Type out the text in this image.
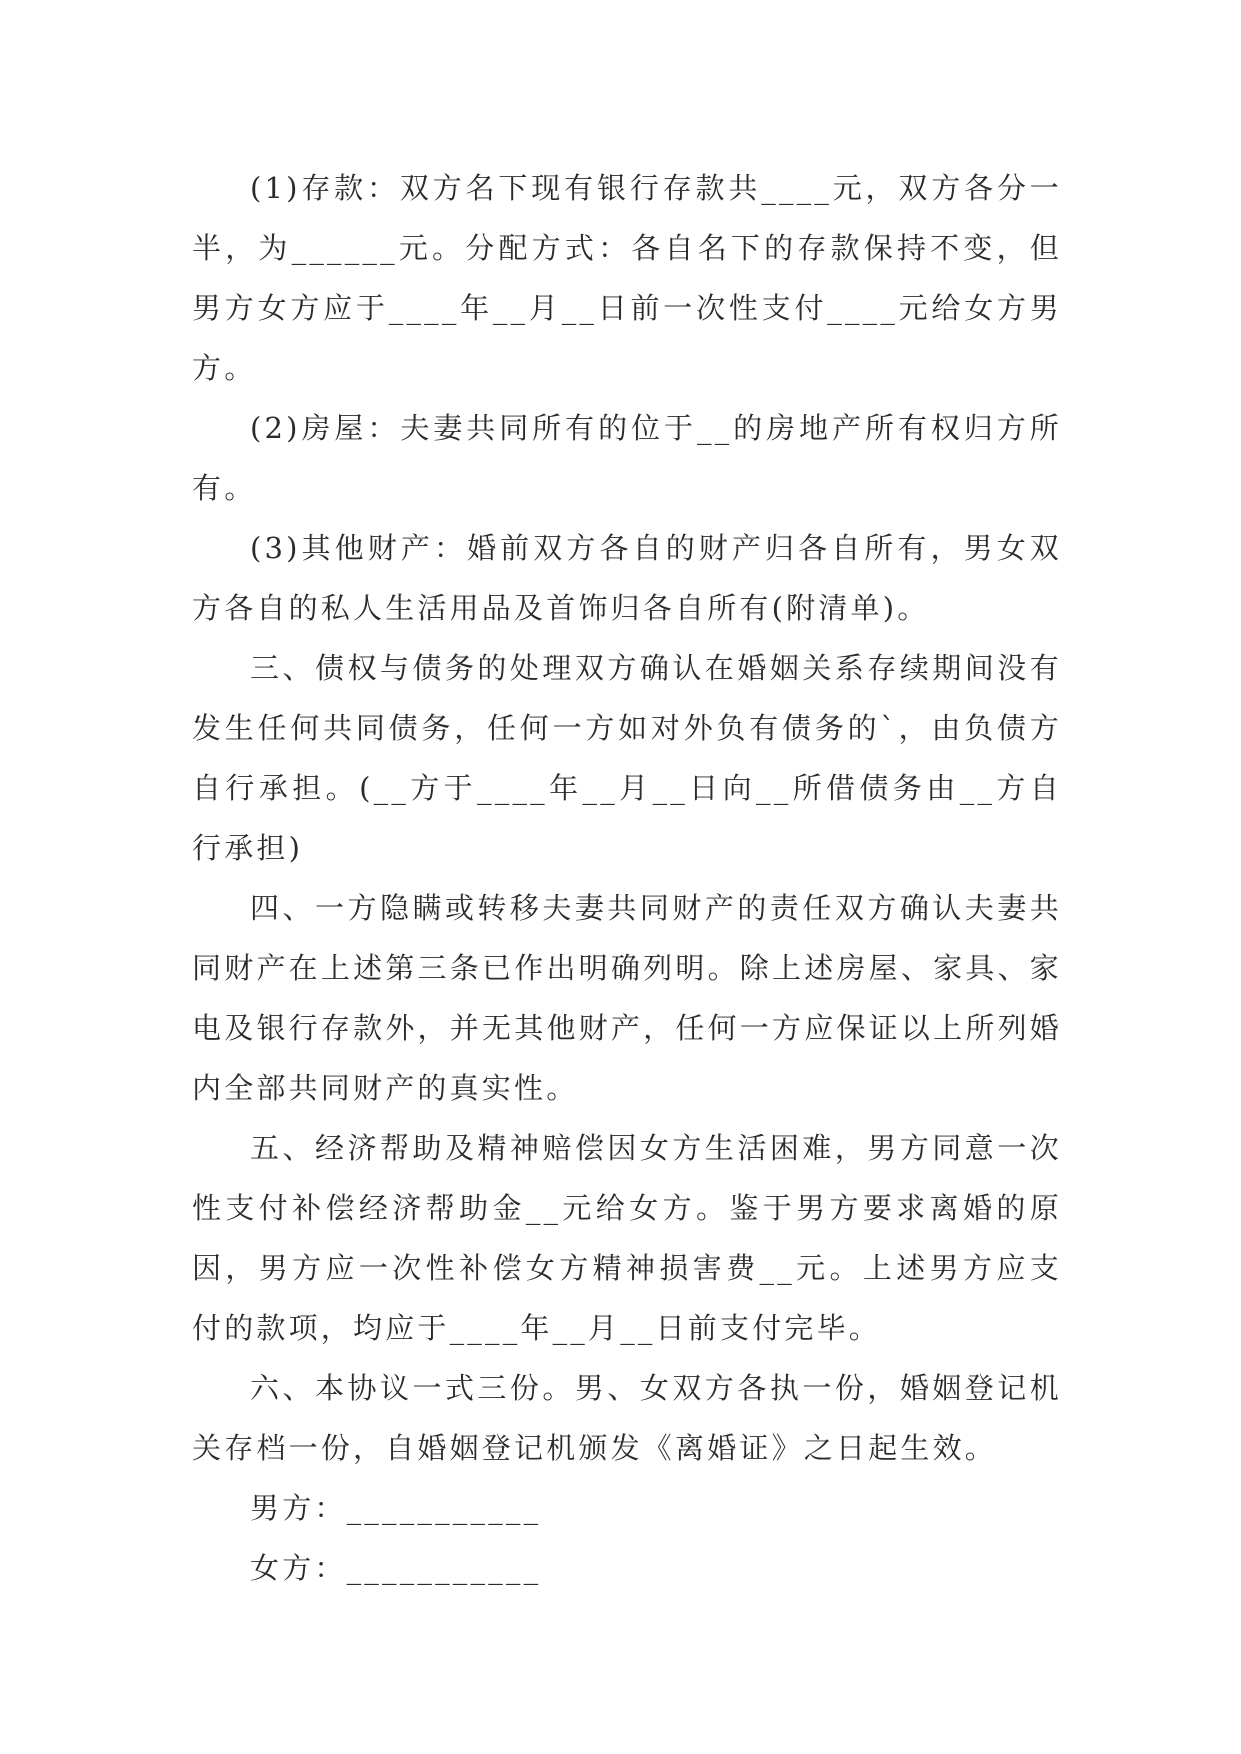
(1)存款：双方名下现有银行存款共____元，双方各分一半，为______元。分配方式：各自名下的存款保持不变，但男方女方应于____年__月__日前一次性支付____元给女方男方。

(2)房屋：夫妻共同所有的位于__的房地产所有权归方所有。

(3)其他财产：婚前双方各自的财产归各自所有，男女双方各自的私人生活用品及首饰归各自所有(附清单)。

三、债权与债务的处理双方确认在婚姻关系存续期间没有发生任何共同债务，任何一方如对外负有债务的`，由负债方自行承担。(__方于____年__月__日向__所借债务由__方自行承担)

四、一方隐瞒或转移夫妻共同财产的责任双方确认夫妻共同财产在上述第三条已作出明确列明。除上述房屋、家具、家电及银行存款外，并无其他财产，任何一方应保证以上所列婚内全部共同财产的真实性。

五、经济帮助及精神赔偿因女方生活困难，男方同意一次性支付补偿经济帮助金__元给女方。鉴于男方要求离婚的原因，男方应一次性补偿女方精神损害费__元。上述男方应支付的款项，均应于____年__月__日前支付完毕。

六、本协议一式三份。男、女双方各执一份，婚姻登记机关存档一份，自婚姻登记机颁发《离婚证》之日起生效。

男方：___________

女方：___________
